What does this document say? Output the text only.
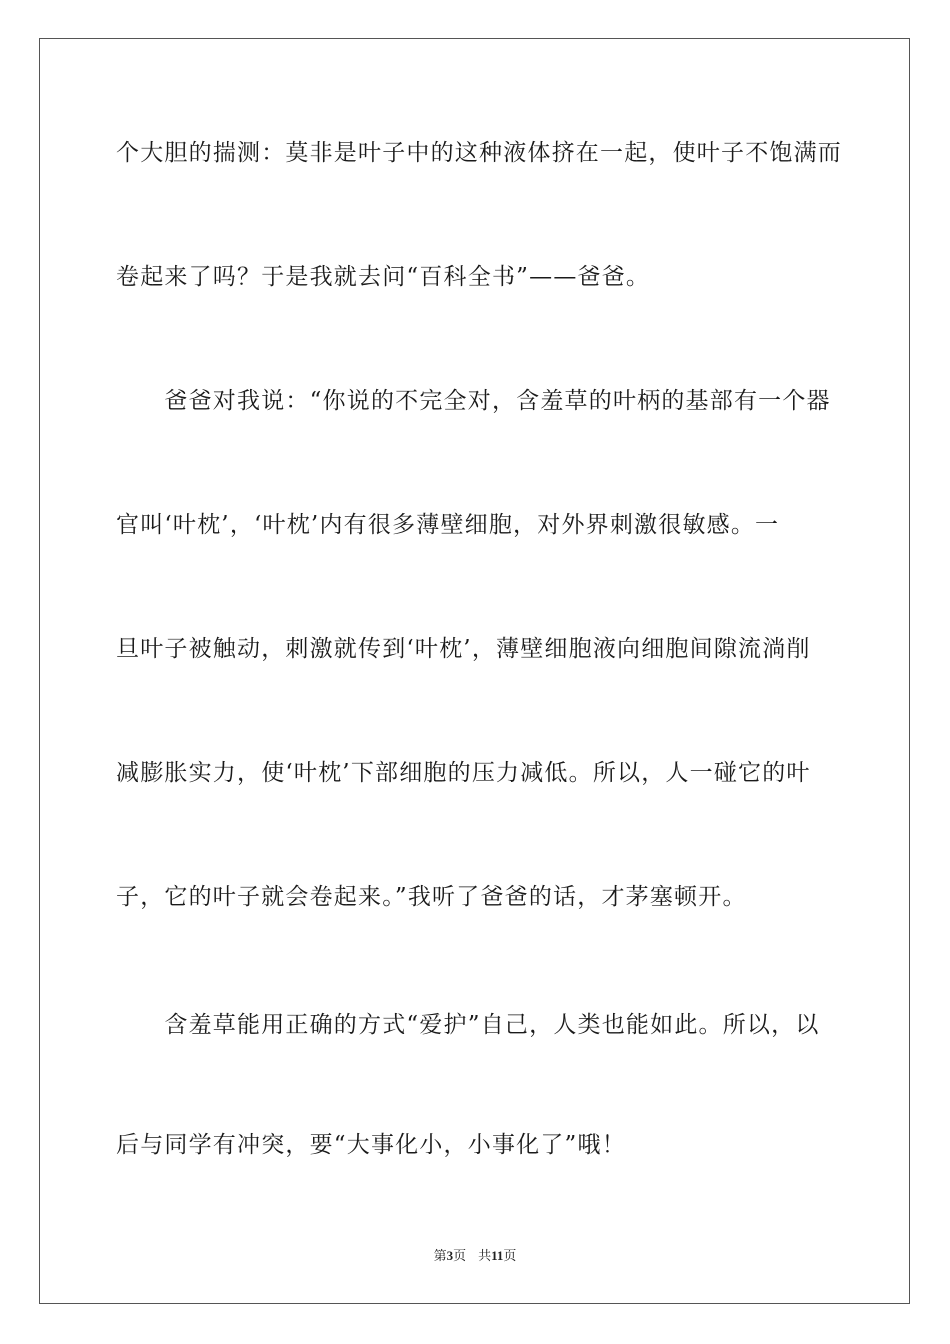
个大胆的揣测：莫非是叶子中的这种液体挤在一起，使叶子不饱满而

卷起来了吗？于是我就去问“百科全书”——爸爸。

　　爸爸对我说：“你说的不完全对，含羞草的叶柄的基部有一个器

官叫‘叶枕’，‘叶枕’内有很多薄壁细胞，对外界刺激很敏感。一

旦叶子被触动，刺激就传到‘叶枕’，薄壁细胞液向细胞间隙流淌削

减膨胀实力，使‘叶枕’下部细胞的压力减低。所以，人一碰它的叶

子，它的叶子就会卷起来。”我听了爸爸的话，才茅塞顿开。

　　含羞草能用正确的方式“爱护”自己，人类也能如此。所以，以

后与同学有冲突，要“大事化小，小事化了”哦！

第3页 共11页
